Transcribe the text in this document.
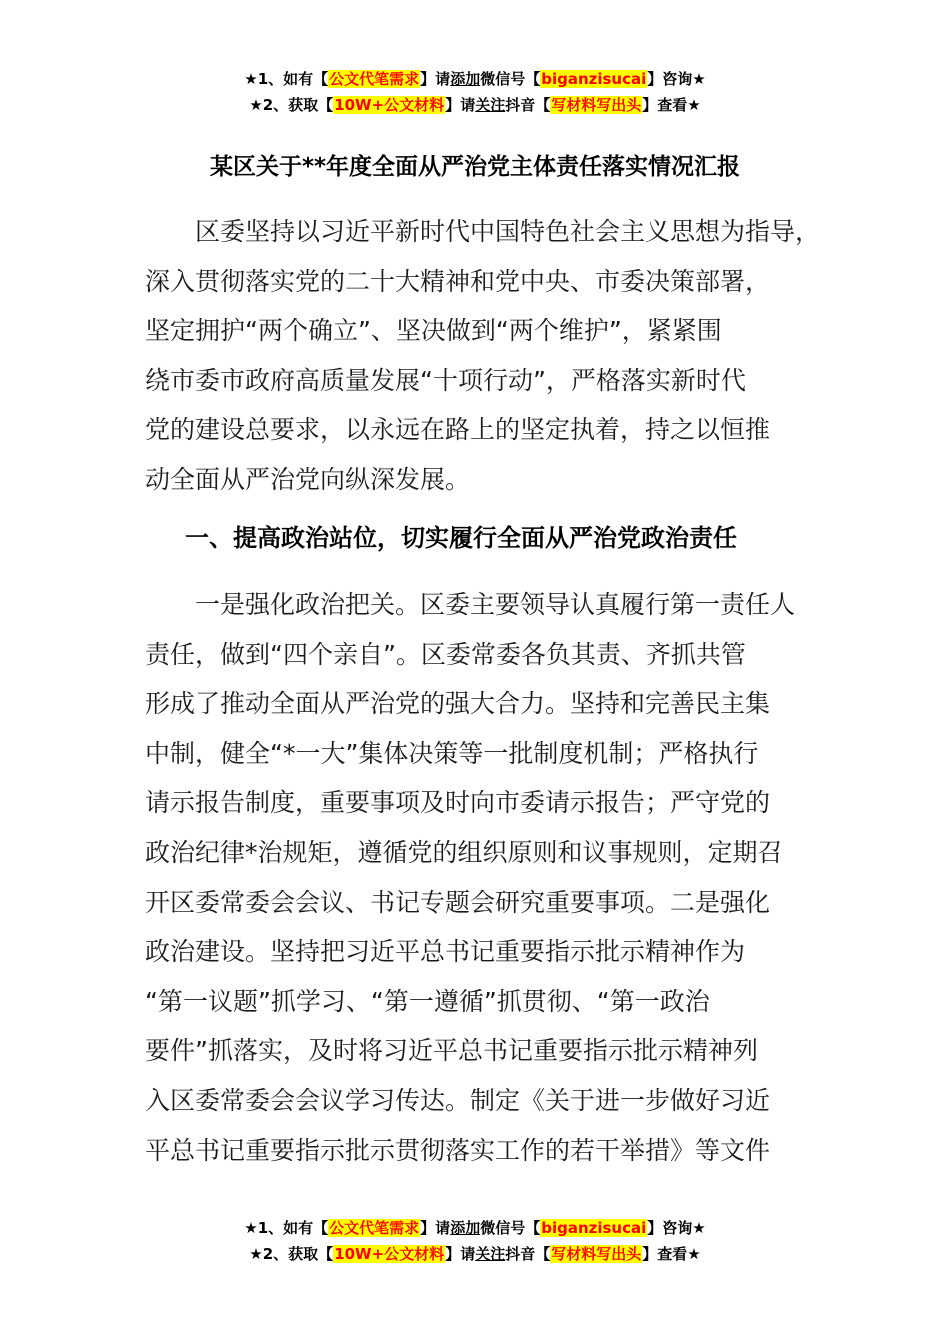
★1、如有【公文代笔需求】请添加微信号【biganzisucai】咨询★
★2、获取【10W+公文材料】请关注抖音【写材料写出头】查看★
某区关于**年度全面从严治党主体责任落实情况汇报
　　区委坚持以习近平新时代中国特色社会主义思想为指导，
深入贯彻落实党的二十大精神和党中央、市委决策部署，
坚定拥护“两个确立”、坚决做到“两个维护”，紧紧围
绕市委市政府高质量发展“十项行动”，严格落实新时代
党的建设总要求，以永远在路上的坚定执着，持之以恒推
动全面从严治党向纵深发展。
一、提高政治站位，切实履行全面从严治党政治责任
　　一是强化政治把关。区委主要领导认真履行第一责任人
责任，做到“四个亲自”。区委常委各负其责、齐抓共管
形成了推动全面从严治党的强大合力。坚持和完善民主集
中制，健全“*一大”集体决策等一批制度机制；严格执行
请示报告制度，重要事项及时向市委请示报告；严守党的
政治纪律*治规矩，遵循党的组织原则和议事规则，定期召
开区委常委会会议、书记专题会研究重要事项。二是强化
政治建设。坚持把习近平总书记重要指示批示精神作为
“第一议题”抓学习、“第一遵循”抓贯彻、“第一政治
要件”抓落实，及时将习近平总书记重要指示批示精神列
入区委常委会会议学习传达。制定《关于进一步做好习近
平总书记重要指示批示贯彻落实工作的若干举措》等文件
★1、如有【公文代笔需求】请添加微信号【biganzisucai】咨询★
★2、获取【10W+公文材料】请关注抖音【写材料写出头】查看★
